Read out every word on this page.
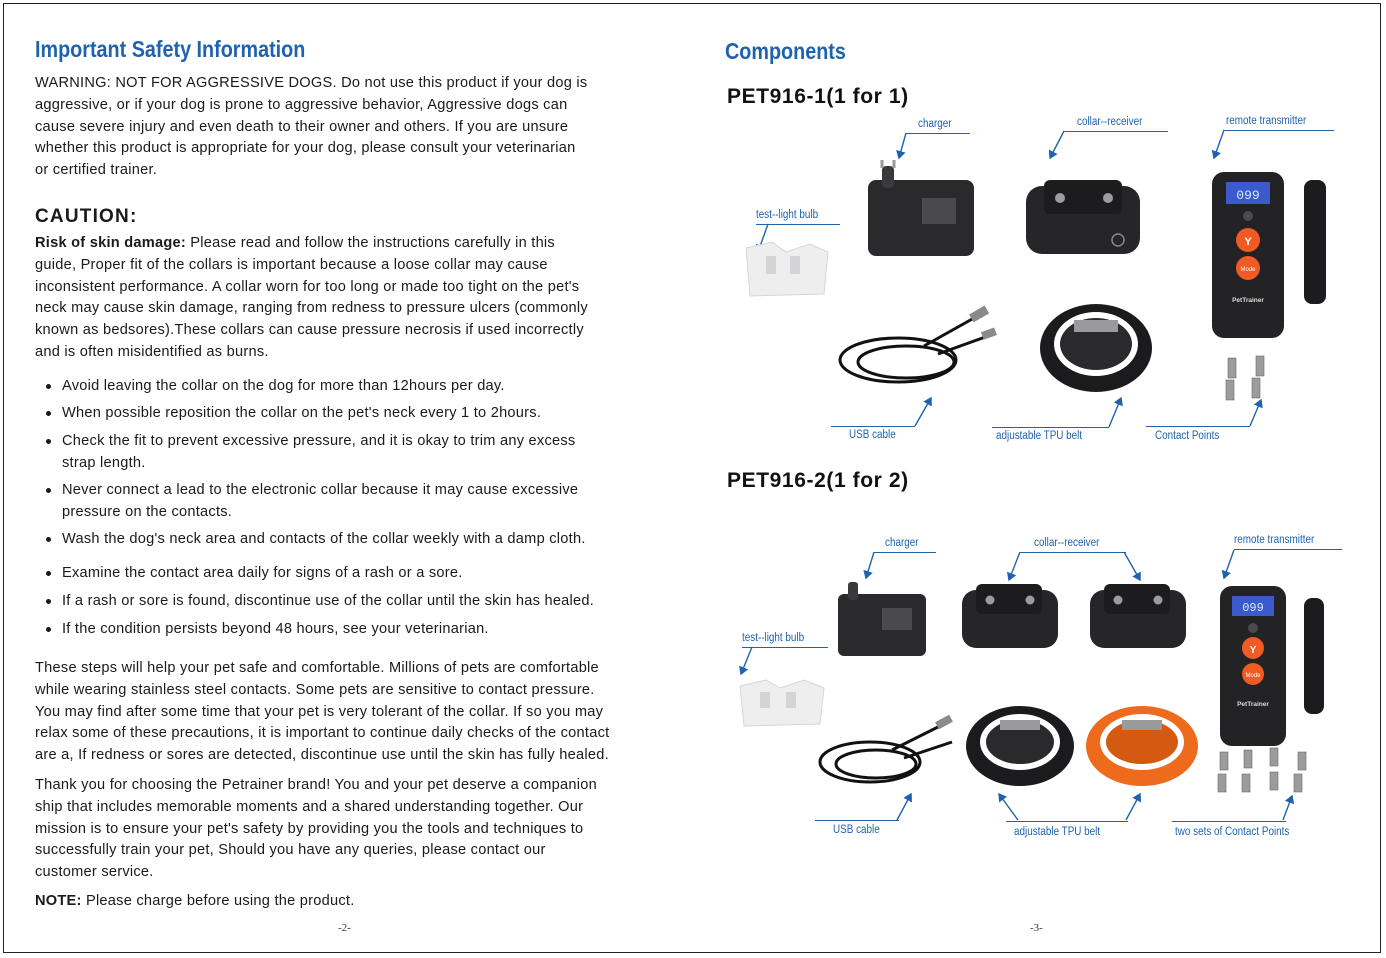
Important Safety Information
WARNING: NOT FOR AGGRESSIVE DOGS. Do not use this product if your dog is
aggressive, or if your dog is prone to aggressive behavior, Aggressive dogs can
cause severe injury and even death to their owner and others. If you are unsure
whether this product is appropriate for your dog, please consult your veterinarian
or certified trainer.
CAUTION:
Risk of skin damage: Please read and follow the instructions carefully in this
guide, Proper fit of the collars is important because a loose collar may cause
inconsistent performance. A collar worn for too long or made too tight on the pet's
neck may cause skin damage, ranging from redness to pressure ulcers (commonly
known as bedsores).These collars can cause pressure necrosis if used incorrectly
and is often misidentified as burns.
Avoid leaving the collar on the dog for more than 12hours per day.
When possible reposition the collar on the pet's neck every 1 to 2hours.
Check the fit to prevent excessive pressure, and it is okay to trim any excess
strap length.
Never connect a lead to the electronic collar because it may cause excessive
pressure on the contacts.
Wash the dog's neck area and contacts of the collar weekly with a damp cloth.
Examine the contact area daily for signs of a rash or a sore.
If a rash or sore is found, discontinue use of the collar until the skin has healed.
If the condition persists beyond 48 hours, see your veterinarian.
These steps will help your pet safe and comfortable. Millions of pets are comfortable
while wearing stainless steel contacts. Some pets are sensitive to contact pressure.
You may find after some time that your pet is very tolerant of the collar. If so you may
relax some of these precautions, it is important to continue daily checks of the contact
are a, If redness or sores are detected, discontinue use until the skin has fully healed.
Thank you for choosing the Petrainer brand! You and your pet deserve a companion
ship that includes memorable moments and a shared understanding together. Our
mission is to ensure your pet's safety by providing you the tools and techniques to
successfully train your pet, Should you have any queries, please contact our
customer service.
NOTE: Please charge before using the product.
-2-
Components
PET916-1(1 for 1)
charger	collar--receiver	remote transmitter
test--light bulb
USB cable	adjustable TPU belt	Contact Points
099
Y
Mode
PetTrainer
PET916-2(1 for 2)
charger	collar--receiver	remote transmitter
test--light bulb
USB cable	adjustable TPU belt	two sets of Contact Points
099
Y
Mode
PetTrainer
-3-
